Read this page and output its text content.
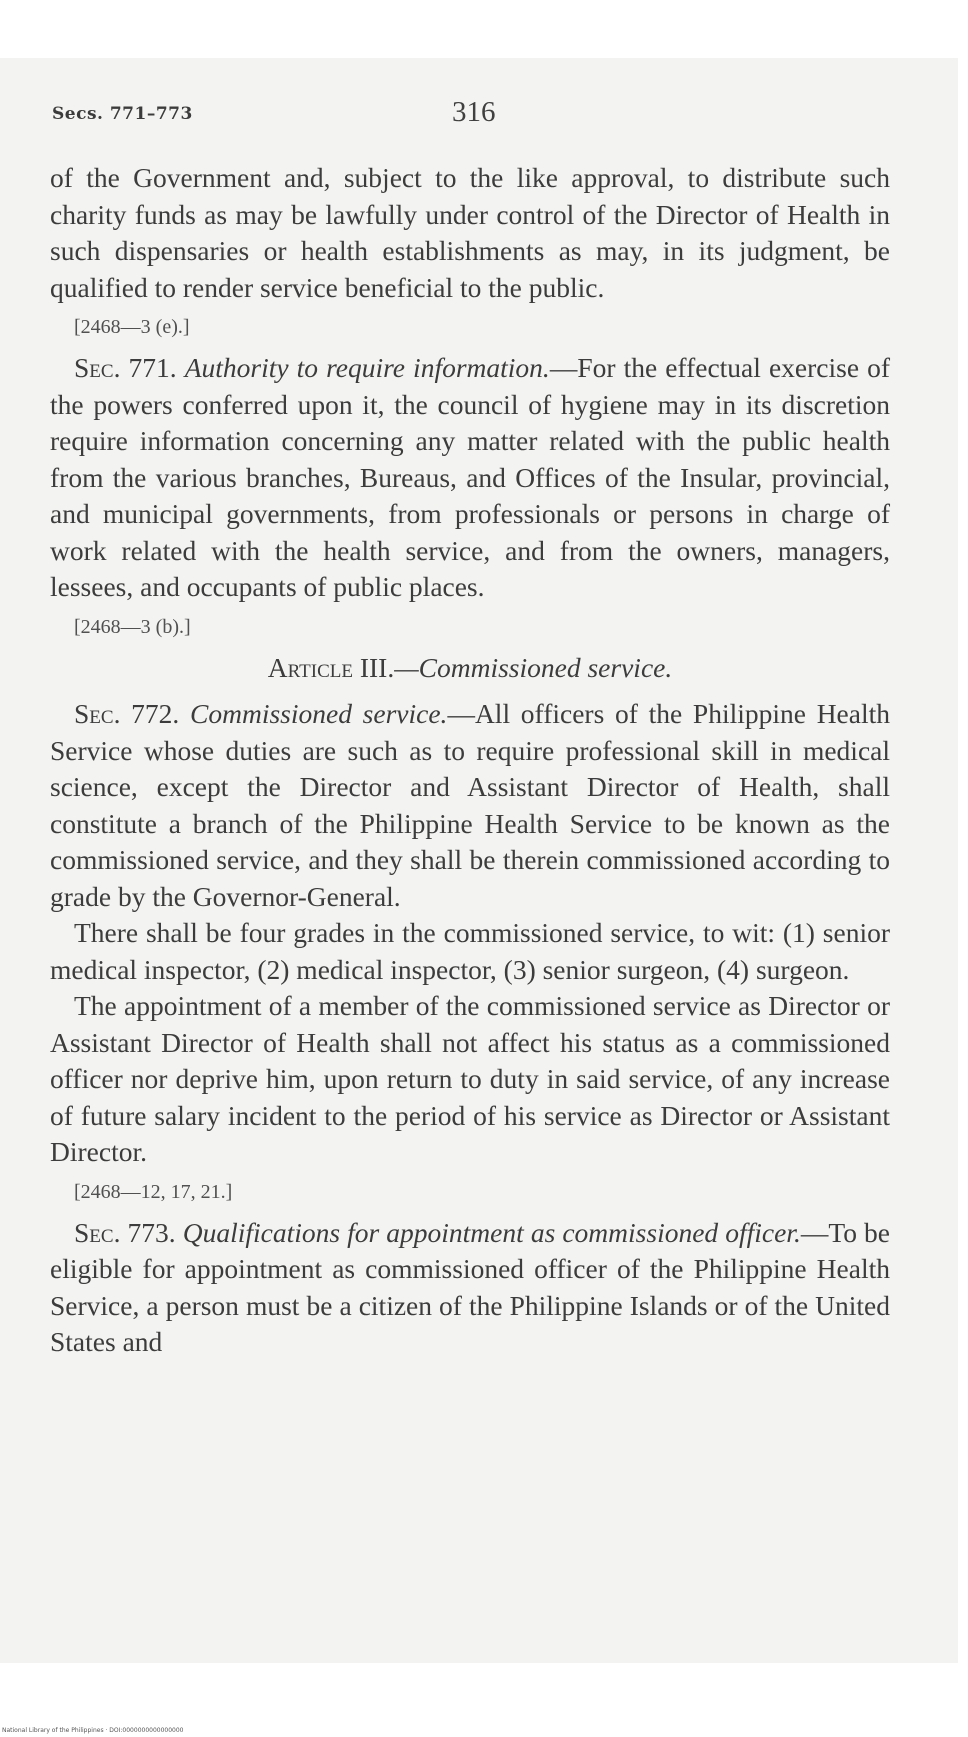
Secs. 771–773	316

of the Government and, subject to the like approval, to distribute such charity funds as may be lawfully under control of the Director of Health in such dispensaries or health establishments as may, in its judgment, be qualified to render service beneficial to the public.

[2468—3 (e).]

Sec. 771. Authority to require information.—For the effectual exercise of the powers conferred upon it, the council of hygiene may in its discretion require information concerning any matter related with the public health from the various branches, Bureaus, and Offices of the Insular, provincial, and municipal governments, from professionals or persons in charge of work related with the health service, and from the owners, managers, lessees, and occupants of public places.

[2468—3 (b).]
Article III.—Commissioned service.

Sec. 772. Commissioned service.—All officers of the Philippine Health Service whose duties are such as to require professional skill in medical science, except the Director and Assistant Director of Health, shall constitute a branch of the Philippine Health Service to be known as the commissioned service, and they shall be therein commissioned according to grade by the Governor-General.

There shall be four grades in the commissioned service, to wit: (1) senior medical inspector, (2) medical inspector, (3) senior surgeon, (4) surgeon.

The appointment of a member of the commissioned service as Director or Assistant Director of Health shall not affect his status as a commissioned officer nor deprive him, upon return to duty in said service, of any increase of future salary incident to the period of his service as Director or Assistant Director.

[2468—12, 17, 21.]

Sec. 773. Qualifications for appointment as commissioned officer.—To be eligible for appointment as commissioned officer of the Philippine Health Service, a person must be a citizen of the Philippine Islands or of the United States and

National Library of the Philippines · DOI:0000000000000000
